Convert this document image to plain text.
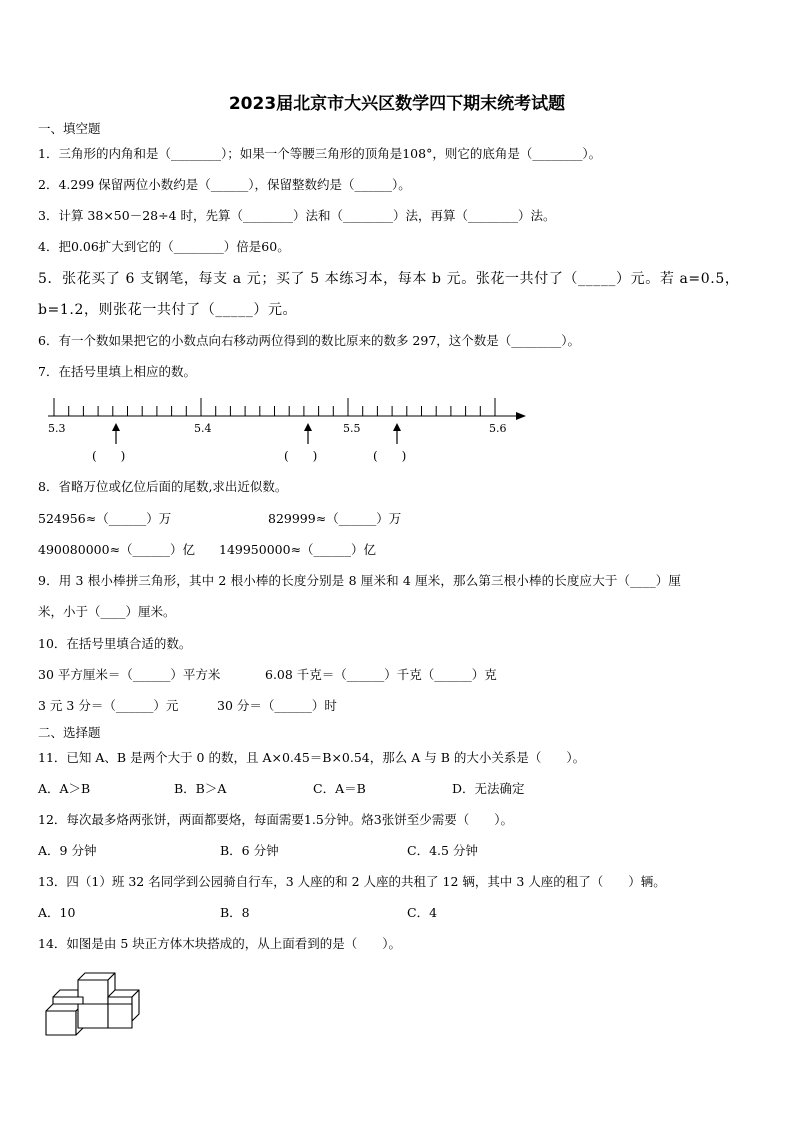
2023届北京市大兴区数学四下期末统考试题
一、填空题
1．三角形的内角和是（________）；如果一个等腰三角形的顶角是108°，则它的底角是（________）。
2．4.299 保留两位小数约是（______），保留整数约是（______）。
3．计算 38×50－28÷4 时，先算（________）法和（________）法，再算（________）法。
4．把0.06扩大到它的（________）倍是60。
5．张花买了 6 支钢笔，每支 a 元；买了 5 本练习本，每本 b 元。张花一共付了（_____）元。若 a=0.5，
b=1.2，则张花一共付了（_____）元。
6．有一个数如果把它的小数点向右移动两位得到的数比原来的数多 297，这个数是（________）。
7．在括号里填上相应的数。
5.3	5.4	5.5	5.6
(　　)	(　　)	(　　)
8．省略万位或亿位后面的尾数,求出近似数。
524956≈（______）万	829999≈（______）万
490080000≈（______）亿 149950000≈（______）亿
9．用 3 根小棒拼三角形，其中 2 根小棒的长度分别是 8 厘米和 4 厘米，那么第三根小棒的长度应大于（____）厘
米，小于（____）厘米。
10．在括号里填合适的数。
30 平方厘米＝（______）平方米	6.08 千克＝（______）千克（______）克
3 元 3 分＝（______）元	30 分＝（______）时
二、选择题
11．已知 A、B 是两个大于 0 的数，且 A×0.45＝B×0.54，那么 A 与 B 的大小关系是（　　）。
A．A＞B	B．B＞A	C．A＝B	D．无法确定
12．每次最多烙两张饼，两面都要烙，每面需要1.5分钟。烙3张饼至少需要（　　）。
A．9 分钟	B．6 分钟	C．4.5 分钟
13．四（1）班 32 名同学到公园骑自行车，3 人座的和 2 人座的共租了 12 辆，其中 3 人座的租了（　　）辆。
A．10	B．8	C．4
14．如图是由 5 块正方体木块搭成的，从上面看到的是（　　）。
